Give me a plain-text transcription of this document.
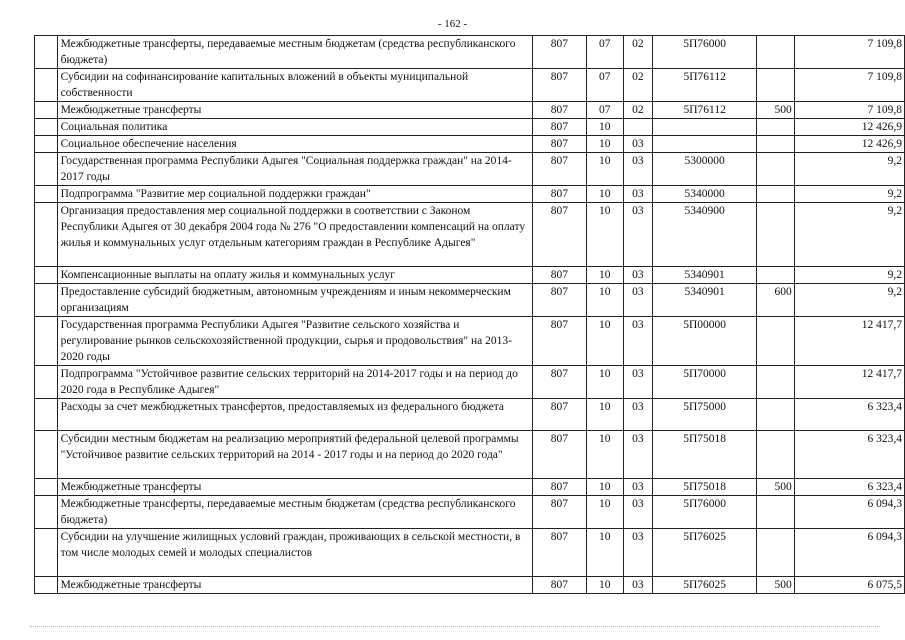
- 162 -
	Межбюджетные трансферты, передаваемые местным бюджетам (средства республиканского бюджета)	807	07	02	5П76000		7 109,8
	Субсидии на софинансирование капитальных вложений в объекты муниципальной собственности	807	07	02	5П76112		7 109,8
	Межбюджетные трансферты	807	07	02	5П76112	500	7 109,8
	Социальная политика	807	10				12 426,9
	Социальное обеспечение населения	807	10	03			12 426,9
	Государственная программа Республики Адыгея "Социальная поддержка граждан" на 2014-2017 годы	807	10	03	5300000		9,2
	Подпрограмма "Развитие мер социальной поддержки граждан"	807	10	03	5340000		9,2
	Организация предоставления мер социальной поддержки в соответствии с Законом Республики Адыгея от 30 декабря 2004 года № 276 "О предоставлении компенсаций на оплату жилья и коммунальных услуг отдельным категориям граждан в Республике Адыгея"	807	10	03	5340900		9,2
	Компенсационные выплаты на оплату жилья и коммунальных услуг	807	10	03	5340901		9,2
	Предоставление субсидий бюджетным, автономным учреждениям и иным некоммерческим организациям	807	10	03	5340901	600	9,2
	Государственная программа Республики Адыгея "Развитие сельского хозяйства и регулирование рынков сельскохозяйственной продукции, сырья и продовольствия" на 2013-2020 годы	807	10	03	5П00000		12 417,7
	Подпрограмма "Устойчивое развитие сельских территорий на 2014-2017 годы и на период до 2020 года в Республике Адыгея"	807	10	03	5П70000		12 417,7
	Расходы за счет межбюджетных трансфертов, предоставляемых из федерального бюджета	807	10	03	5П75000		6 323,4
	Субсидии местным бюджетам на реализацию мероприятий федеральной целевой программы "Устойчивое развитие сельских территорий на 2014 - 2017 годы и на период до 2020 года"	807	10	03	5П75018		6 323,4
	Межбюджетные трансферты	807	10	03	5П75018	500	6 323,4
	Межбюджетные трансферты, передаваемые местным бюджетам (средства республиканского бюджета)	807	10	03	5П76000		6 094,3
	Субсидии на улучшение жилищных условий граждан, проживающих в сельской местности, в том числе молодых семей и молодых специалистов	807	10	03	5П76025		6 094,3
	Межбюджетные трансферты	807	10	03	5П76025	500	6 075,5
